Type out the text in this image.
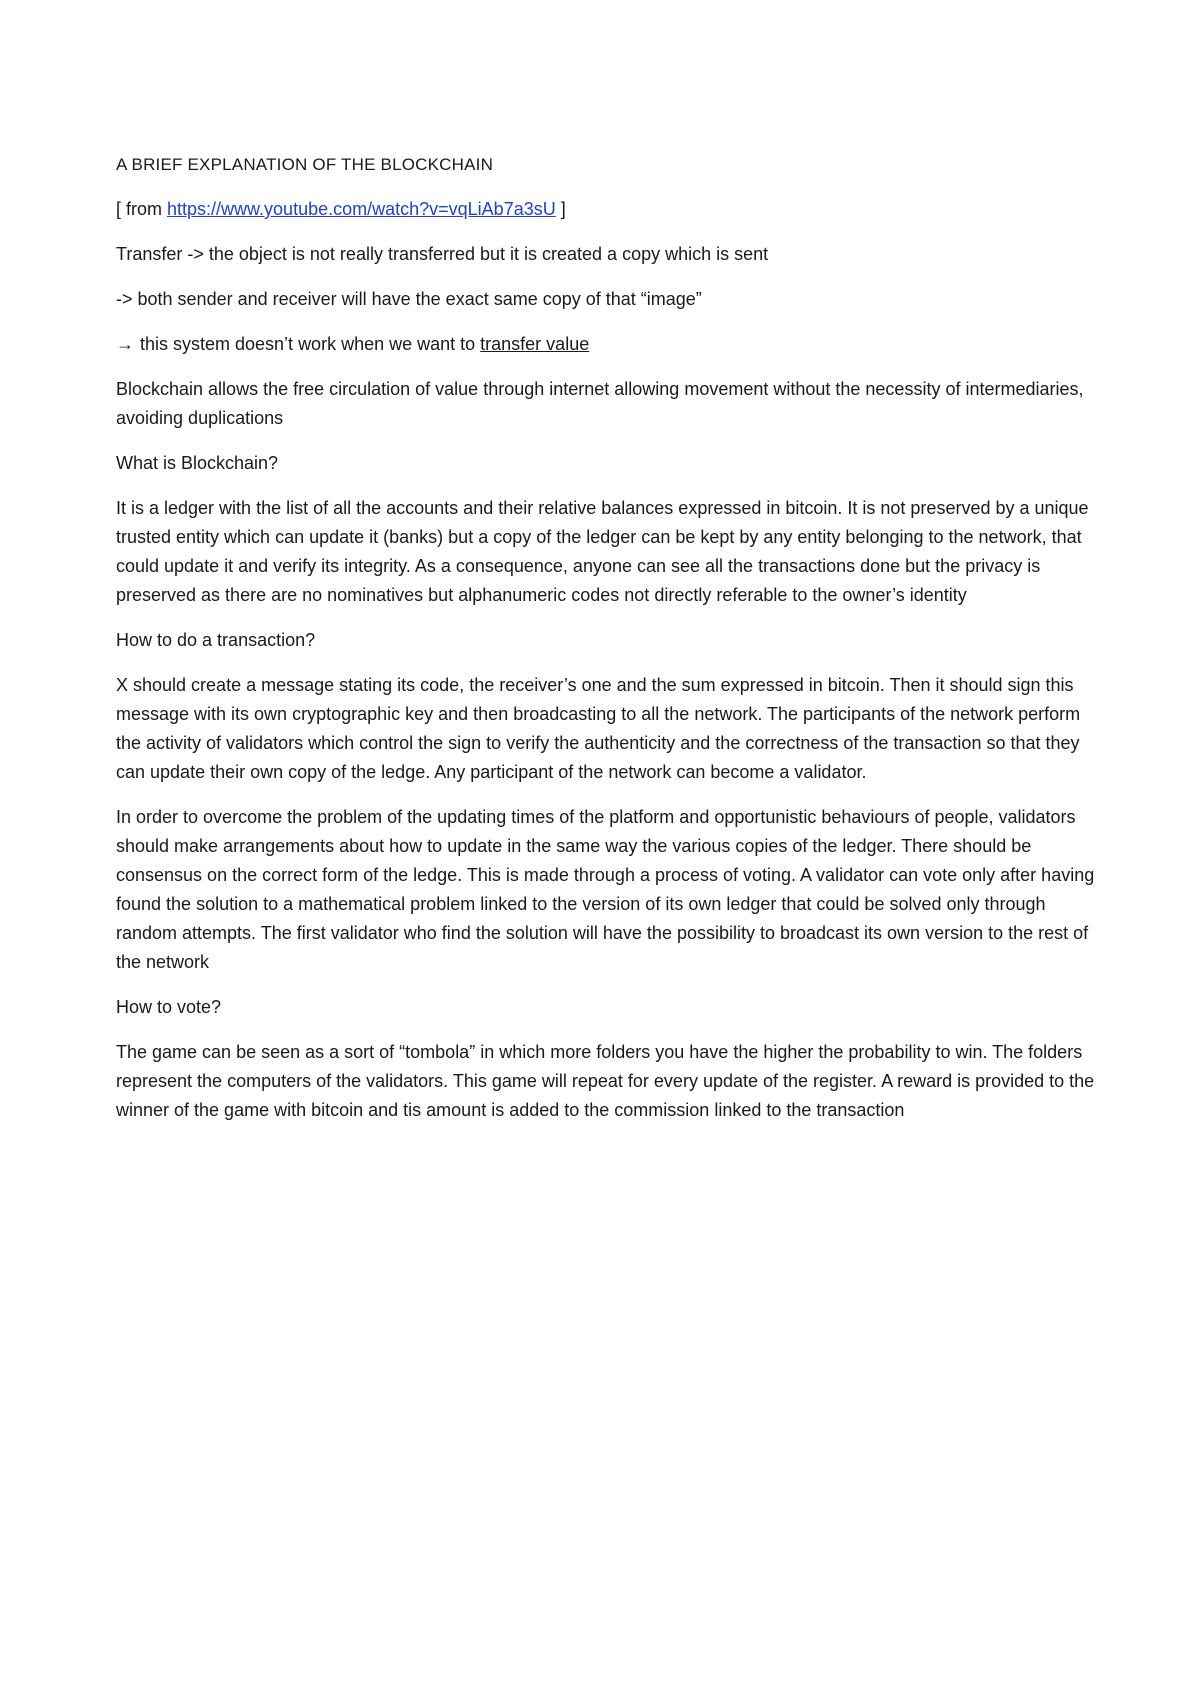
A BRIEF EXPLANATION OF THE BLOCKCHAIN

[ from https://www.youtube.com/watch?v=vqLiAb7a3sU ]

Transfer -> the object is not really transferred but it is created a copy which is sent

-> both sender and receiver will have the exact same copy of that “image”

→ this system doesn’t work when we want to transfer value

Blockchain allows the free circulation of value through internet allowing movement without the necessity of intermediaries, avoiding duplications

What is Blockchain?

It is a ledger with the list of all the accounts and their relative balances expressed in bitcoin. It is not preserved by a unique trusted entity which can update it (banks) but a copy of the ledger can be kept by any entity belonging to the network, that could update it and verify its integrity. As a consequence, anyone can see all the transactions done but the privacy is preserved as there are no nominatives but alphanumeric codes not directly referable to the owner’s identity

How to do a transaction?

X should create a message stating its code, the receiver’s one and the sum expressed in bitcoin. Then it should sign this message with its own cryptographic key and then broadcasting to all the network. The participants of the network perform the activity of validators which control the sign to verify the authenticity and the correctness of the transaction so that they can update their own copy of the ledge. Any participant of the network can become a validator.

In order to overcome the problem of the updating times of the platform and opportunistic behaviours of people, validators should make arrangements about how to update in the same way the various copies of the ledger. There should be consensus on the correct form of the ledge. This is made through a process of voting. A validator can vote only after having found the solution to a mathematical problem linked to the version of its own ledger that could be solved only through random attempts. The first validator who find the solution will have the possibility to broadcast its own version to the rest of the network

How to vote?

The game can be seen as a sort of “tombola” in which more folders you have the higher the probability to win. The folders represent the computers of the validators. This game will repeat for every update of the register. A reward is provided to the winner of the game with bitcoin and tis amount is added to the commission linked to the transaction
